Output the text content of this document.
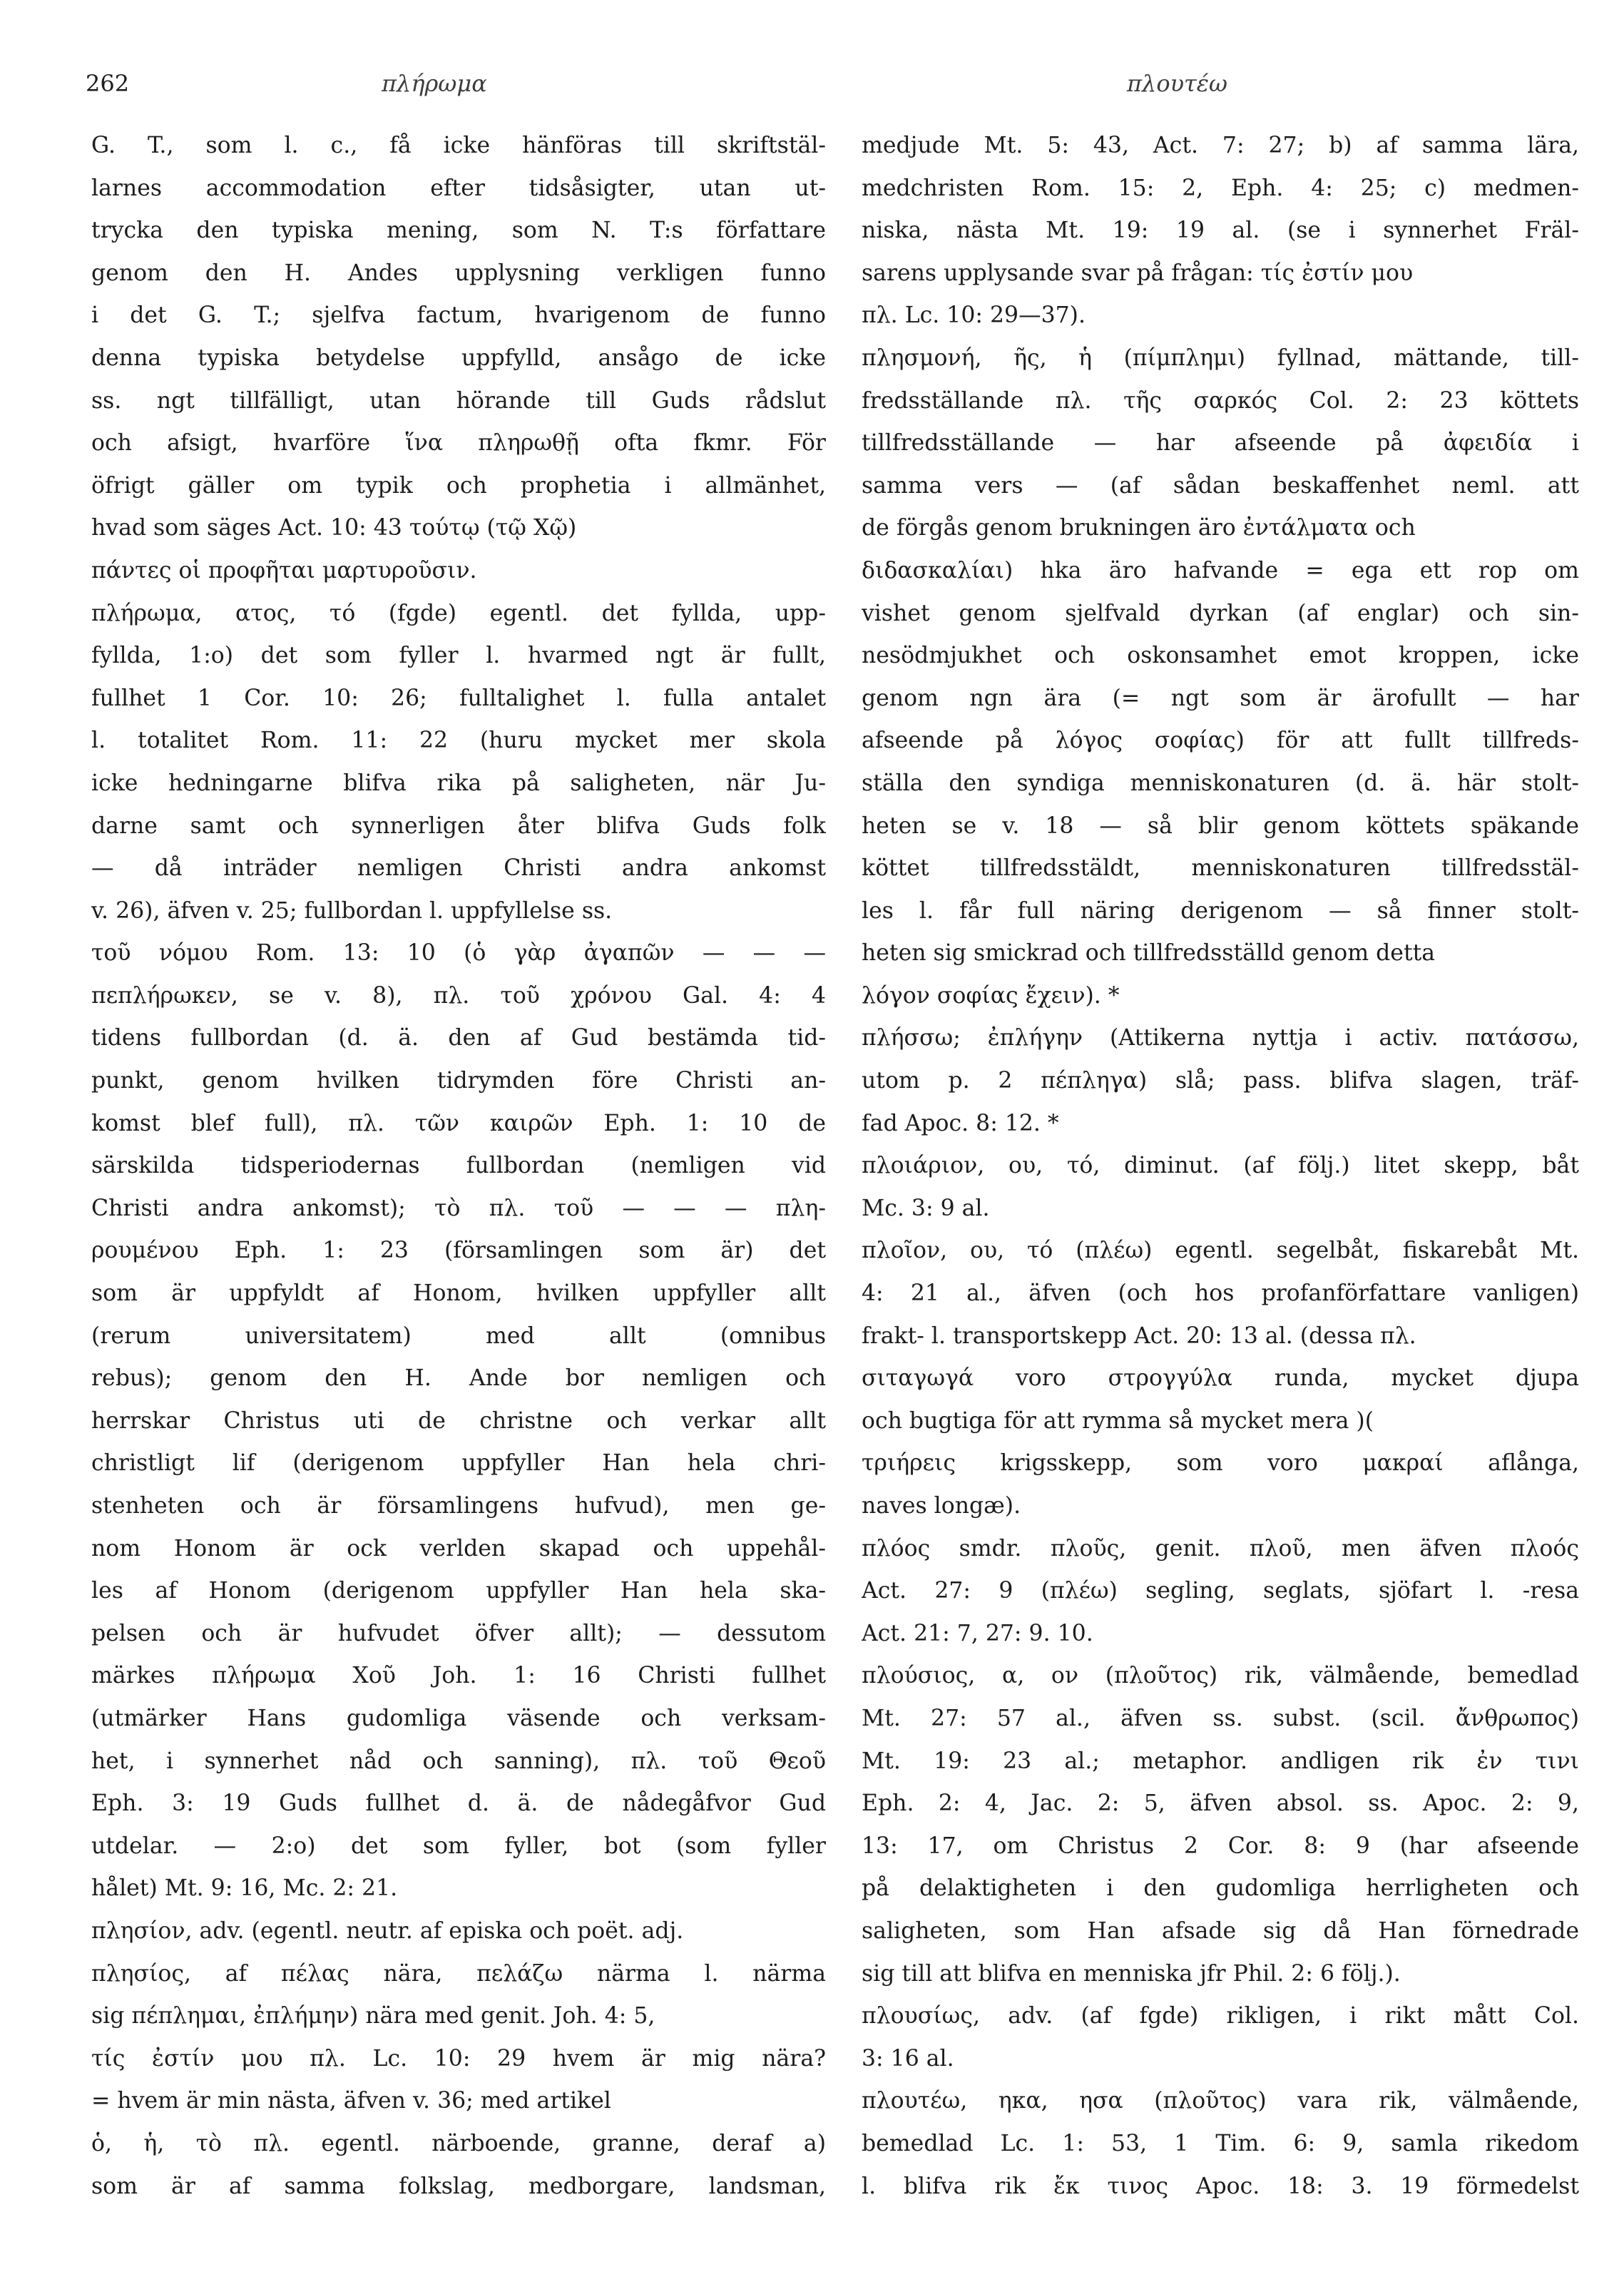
262	πλήρωμα	πλουτέω
G. T., som l. c., få icke hänföras till skriftstäl-
larnes accommodation efter tidsåsigter, utan ut-
trycka den typiska mening, som N. T:s författare
genom den H. Andes upplysning verkligen funno
i det G. T.; sjelfva factum, hvarigenom de funno
denna typiska betydelse uppfylld, ansågo de icke
ss. ngt tillfälligt, utan hörande till Guds rådslut
och afsigt, hvarföre ἵνα πληρωθῇ ofta fkmr. För
öfrigt gäller om typik och prophetia i allmänhet,
hvad som säges Act. 10: 43 τούτῳ (τῷ Χῷ)
πάντες οἱ προφῆται μαρτυροῦσιν.
πλήρωμα, ατος, τό (fgde) egentl. det fyllda, upp-
fyllda, 1:o) det som fyller l. hvarmed ngt är fullt,
fullhet 1 Cor. 10: 26; fulltalighet l. fulla antalet
l. totalitet Rom. 11: 22 (huru mycket mer skola
icke hedningarne blifva rika på saligheten, när Ju-
darne samt och synnerligen åter blifva Guds folk
— då inträder nemligen Christi andra ankomst
v. 26), äfven v. 25; fullbordan l. uppfyllelse ss.
τοῦ νόμου Rom. 13: 10 (ὁ γὰρ ἀγαπῶν — — —
πεπλήρωκεν, se v. 8), πλ. τοῦ χρόνου Gal. 4: 4
tidens fullbordan (d. ä. den af Gud bestämda tid-
punkt, genom hvilken tidrymden före Christi an-
komst blef full), πλ. τῶν καιρῶν Eph. 1: 10 de
särskilda tidsperiodernas fullbordan (nemligen vid
Christi andra ankomst); τὸ πλ. τοῦ — — — πλη-
ρουμένου Eph. 1: 23 (församlingen som är) det
som är uppfyldt af Honom, hvilken uppfyller allt
(rerum universitatem) med allt (omnibus
rebus); genom den H. Ande bor nemligen och
herrskar Christus uti de christne och verkar allt
christligt lif (derigenom uppfyller Han hela chri-
stenheten och är församlingens hufvud), men ge-
nom Honom är ock verlden skapad och uppehål-
les af Honom (derigenom uppfyller Han hela ska-
pelsen och är hufvudet öfver allt); — dessutom
märkes πλήρωμα Χοῦ Joh. 1: 16 Christi fullhet
(utmärker Hans gudomliga väsende och verksam-
het, i synnerhet nåd och sanning), πλ. τοῦ Θεοῦ
Eph. 3: 19 Guds fullhet d. ä. de nådegåfvor Gud
utdelar. — 2:o) det som fyller, bot (som fyller
hålet) Mt. 9: 16, Mc. 2: 21.
πλησίον, adv. (egentl. neutr. af episka och poët. adj.
πλησίος, af πέλας nära, πελάζω närma l. närma
sig πέπλημαι, ἐπλήμην) nära med genit. Joh. 4: 5,
τίς ἐστίν μου πλ. Lc. 10: 29 hvem är mig nära?
= hvem är min nästa, äfven v. 36; med artikel
ὁ, ἡ, τὸ πλ. egentl. närboende, granne, deraf a)
som är af samma folkslag, medborgare, landsman,
medjude Mt. 5: 43, Act. 7: 27; b) af samma lära,
medchristen Rom. 15: 2, Eph. 4: 25; c) medmen-
niska, nästa Mt. 19: 19 al. (se i synnerhet Fräl-
sarens upplysande svar på frågan: τίς ἐστίν μου
πλ. Lc. 10: 29—37).
πλησμονή, ῆς, ἡ (πίμπλημι) fyllnad, mättande, till-
fredsställande πλ. τῆς σαρκός Col. 2: 23 köttets
tillfredsställande — har afseende på ἀφειδία i
samma vers — (af sådan beskaffenhet neml. att
de förgås genom brukningen äro ἐντάλματα och
διδασκαλίαι) hka äro hafvande = ega ett rop om
vishet genom sjelfvald dyrkan (af englar) och sin-
nesödmjukhet och oskonsamhet emot kroppen, icke
genom ngn ära (= ngt som är ärofullt — har
afseende på λόγος σοφίας) för att fullt tillfreds-
ställa den syndiga menniskonaturen (d. ä. här stolt-
heten se v. 18 — så blir genom köttets späkande
köttet tillfredsstäldt, menniskonaturen tillfredsstäl-
les l. får full näring derigenom — så finner stolt-
heten sig smickrad och tillfredsställd genom detta
λόγον σοφίας ἔχειν). *
πλήσσω; ἐπλήγην (Attikerna nyttja i activ. πατάσσω,
utom p. 2 πέπληγα) slå; pass. blifva slagen, träf-
fad Apoc. 8: 12. *
πλοιάριον, ου, τό, diminut. (af följ.) litet skepp, båt
Mc. 3: 9 al.
πλοῖον, ου, τό (πλέω) egentl. segelbåt, fiskarebåt Mt.
4: 21 al., äfven (och hos profanförfattare vanligen)
frakt- l. transportskepp Act. 20: 13 al. (dessa πλ.
σιταγωγά voro στρογγύλα runda, mycket djupa
och bugtiga för att rymma så mycket mera )(
τριήρεις krigsskepp, som voro μακραί aflånga,
naves longæ).
πλόος smdr. πλοῦς, genit. πλοῦ, men äfven πλοός
Act. 27: 9 (πλέω) segling, seglats, sjöfart l. -resa
Act. 21: 7, 27: 9. 10.
πλούσιος, α, ον (πλοῦτος) rik, välmående, bemedlad
Mt. 27: 57 al., äfven ss. subst. (scil. ἄνθρωπος)
Mt. 19: 23 al.; metaphor. andligen rik ἐν τινι
Eph. 2: 4, Jac. 2: 5, äfven absol. ss. Apoc. 2: 9,
13: 17, om Christus 2 Cor. 8: 9 (har afseende
på delaktigheten i den gudomliga herrligheten och
saligheten, som Han afsade sig då Han förnedrade
sig till att blifva en menniska jfr Phil. 2: 6 följ.).
πλουσίως, adv. (af fgde) rikligen, i rikt mått Col.
3: 16 al.
πλουτέω, ηκα, ησα (πλοῦτος) vara rik, välmående,
bemedlad Lc. 1: 53, 1 Tim. 6: 9, samla rikedom
l. blifva rik ἔκ τινος Apoc. 18: 3. 19 förmedelst
